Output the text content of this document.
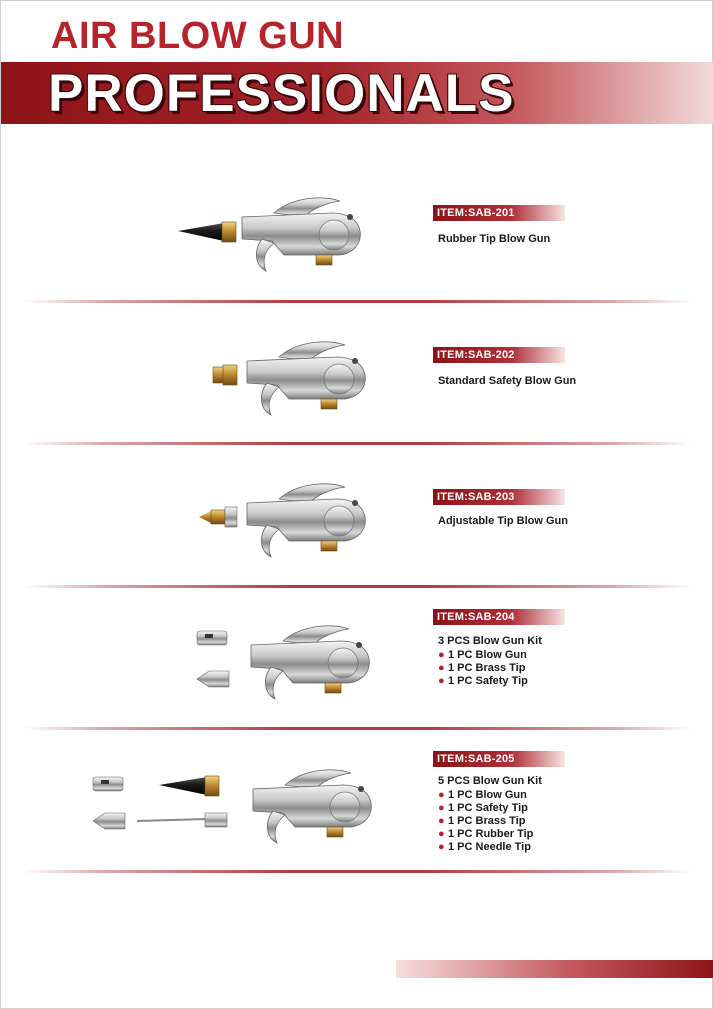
AIR BLOW GUN
PROFESSIONALS
ITEM:SAB-201
Rubber Tip Blow Gun
ITEM:SAB-202
Standard Safety Blow Gun
ITEM:SAB-203
Adjustable Tip Blow Gun
ITEM:SAB-204
3 PCS Blow Gun Kit
● 1 PC Blow Gun
● 1 PC Brass Tip
● 1 PC Safety Tip
ITEM:SAB-205
5 PCS Blow Gun Kit
● 1 PC Blow Gun
● 1 PC Safety Tip
● 1 PC Brass Tip
● 1 PC Rubber Tip
● 1 PC Needle Tip
